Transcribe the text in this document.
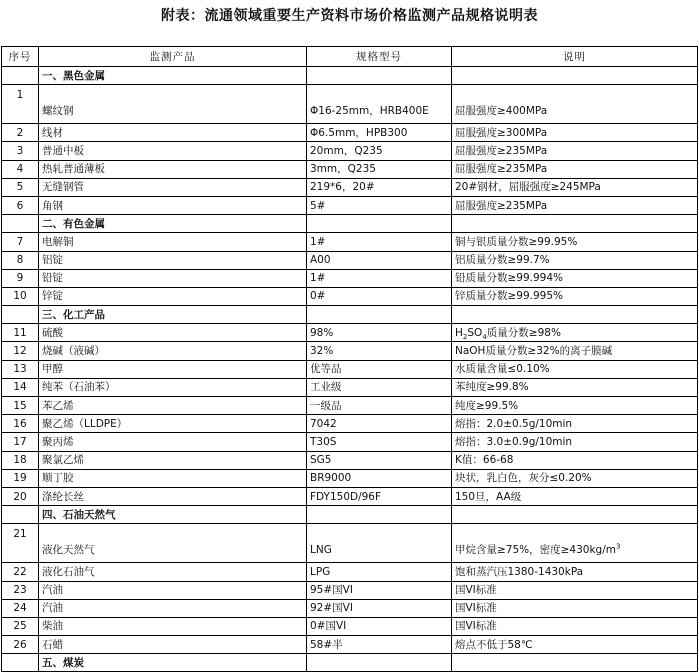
附表：流通领域重要生产资料市场价格监测产品规格说明表
序号	监测产品	规格型号	说明
	一、黑色金属		
1	螺纹钢	Φ16-25mm，HRB400E	屈服强度≥400MPa
2	线材	Φ6.5mm，HPB300	屈服强度≥300MPa
3	普通中板	20mm，Q235	屈服强度≥235MPa
4	热轧普通薄板	3mm，Q235	屈服强度≥235MPa
5	无缝钢管	219*6，20#	20#钢材，屈服强度≥245MPa
6	角钢	5#	屈服强度≥235MPa
	二、有色金属		
7	电解铜	1#	铜与银质量分数≥99.95%
8	铝锭	A00	铝质量分数≥99.7%
9	铅锭	1#	铅质量分数≥99.994%
10	锌锭	0#	锌质量分数≥99.995%
	三、化工产品		
11	硫酸	98%	$H_2SO_4$质量分数≥98%
12	烧碱（液碱）	32%	NaOH质量分数≥32%的离子膜碱
13	甲醇	优等品	水质量含量≤0.10%
14	纯苯（石油苯）	工业级	苯纯度≥99.8%
15	苯乙烯	一级品	纯度≥99.5%
16	聚乙烯（LLDPE）	7042	熔指：2.0±0.5g/10min
17	聚丙烯	T30S	熔指：3.0±0.9g/10min
18	聚氯乙烯	SG5	K值：66-68
19	顺丁胶	BR9000	块状，乳白色，灰分≤0.20%
20	涤纶长丝	FDY150D/96F	150旦，AA级
	四、石油天然气		
21	液化天然气	LNG	甲烷含量≥75%，密度$\ge 430kg/m^3$
22	液化石油气	LPG	饱和蒸汽压1380-1430kPa
23	汽油	95#国VI	国VI标准
24	汽油	92#国VI	国VI标准
25	柴油	0#国VI	国VI标准
26	石蜡	58#半	熔点不低于58℃
	五、煤炭		
